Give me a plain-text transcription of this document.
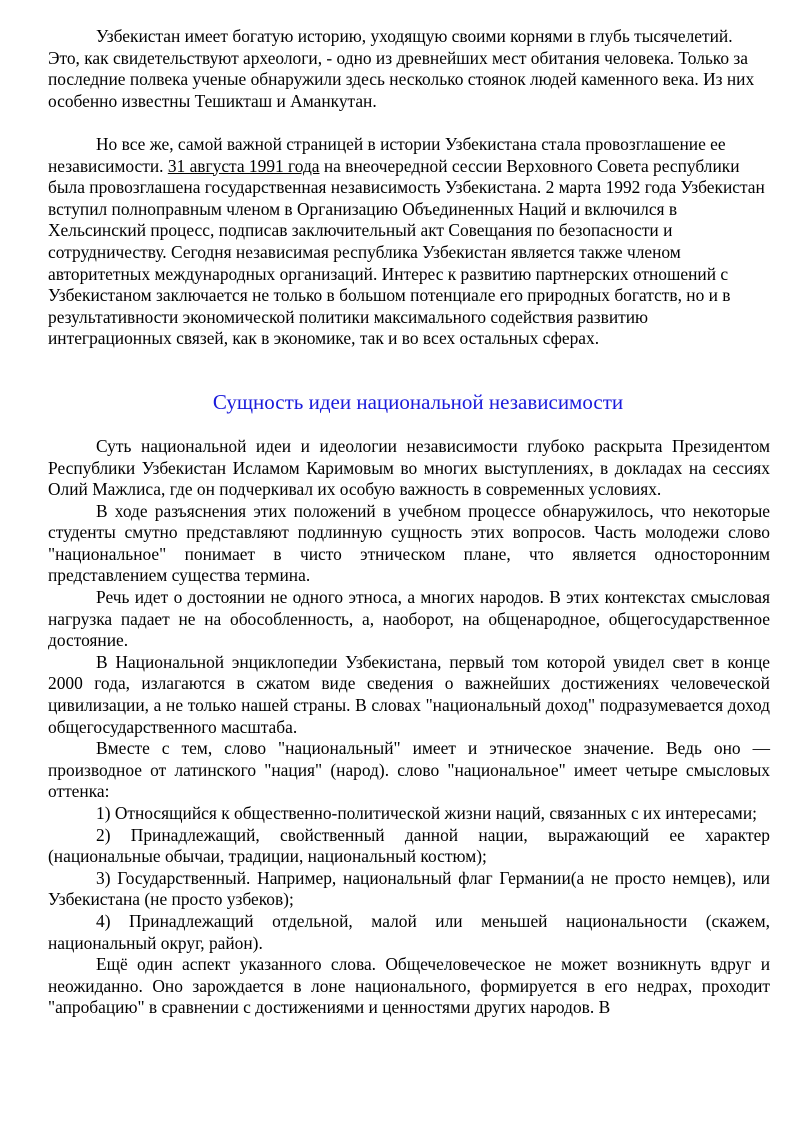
Узбекистан имеет богатую историю, уходящую своими корнями в глубь тысячелетий. Это, как свидетельствуют археологи, - одно из древнейших мест обитания человека. Только за последние полвека ученые обнаружили здесь несколько стоянок людей каменного века. Из них особенно известны Тешикташ и Аманкутан.

Но все же, самой важной страницей в истории Узбекистана стала провозглашение ее независимости. 31 августа 1991 года на внеочередной сессии Верховного Совета республики была провозглашена государственная независимость Узбекистана. 2 марта 1992 года Узбекистан вступил полноправным членом в Организацию Объединенных Наций и включился в Хельсинский процесс, подписав заключительный акт Совещания по безопасности и сотрудничеству. Сегодня независимая республика Узбекистан является также членом авторитетных международных организаций. Интерес к развитию партнерских отношений с Узбекистаном заключается не только в большом потенциале его природных богатств, но и в результативности экономической политики максимального содействия развитию интеграционных связей, как в экономике, так и во всех остальных сферах.

Сущность идеи национальной независимости

Суть национальной идеи и идеологии независимости глубоко раскрыта Президентом Республики Узбекистан Исламом Каримовым во многих выступлениях, в докладах на сессиях Олий Мажлиса, где он подчеркивал их особую важность в современных условиях.

В ходе разъяснения этих положений в учебном процессе обнаружилось, что некоторые студенты смутно представляют подлинную сущность этих вопросов. Часть молодежи слово "национальное" понимает в чисто этническом плане, что является односторонним представлением существа термина.

Речь идет о достоянии не одного этноса, а многих народов. В этих контекстах смысловая нагрузка падает не на обособленность, а, наоборот, на общенародное, общегосударственное достояние.

В Национальной энциклопедии Узбекистана, первый том которой увидел свет в конце 2000 года, излагаются в сжатом виде сведения о важнейших достижениях человеческой цивилизации, а не только нашей страны. В словах "национальный доход" подразумевается доход общегосударственного масштаба.

Вместе с тем, слово "национальный" имеет и этническое значение. Ведь оно — производное от латинского "нация" (народ). слово "национальное" имеет четыре смысловых оттенка:

1) Относящийся к общественно-политической жизни наций, связанных с их интересами;

2) Принадлежащий, свойственный данной нации, выражающий ее характер (национальные обычаи, традиции, национальный костюм);

3) Государственный. Например, национальный флаг Германии(а не просто немцев), или Узбекистана (не просто узбеков);

4) Принадлежащий отдельной, малой или меньшей национальности (скажем, национальный округ, район).

Ещё один аспект указанного слова. Общечеловеческое не может возникнуть вдруг и неожиданно. Оно зарождается в лоне национального, формируется в его недрах, проходит "апробацию" в сравнении с достижениями и ценностями других народов. В
